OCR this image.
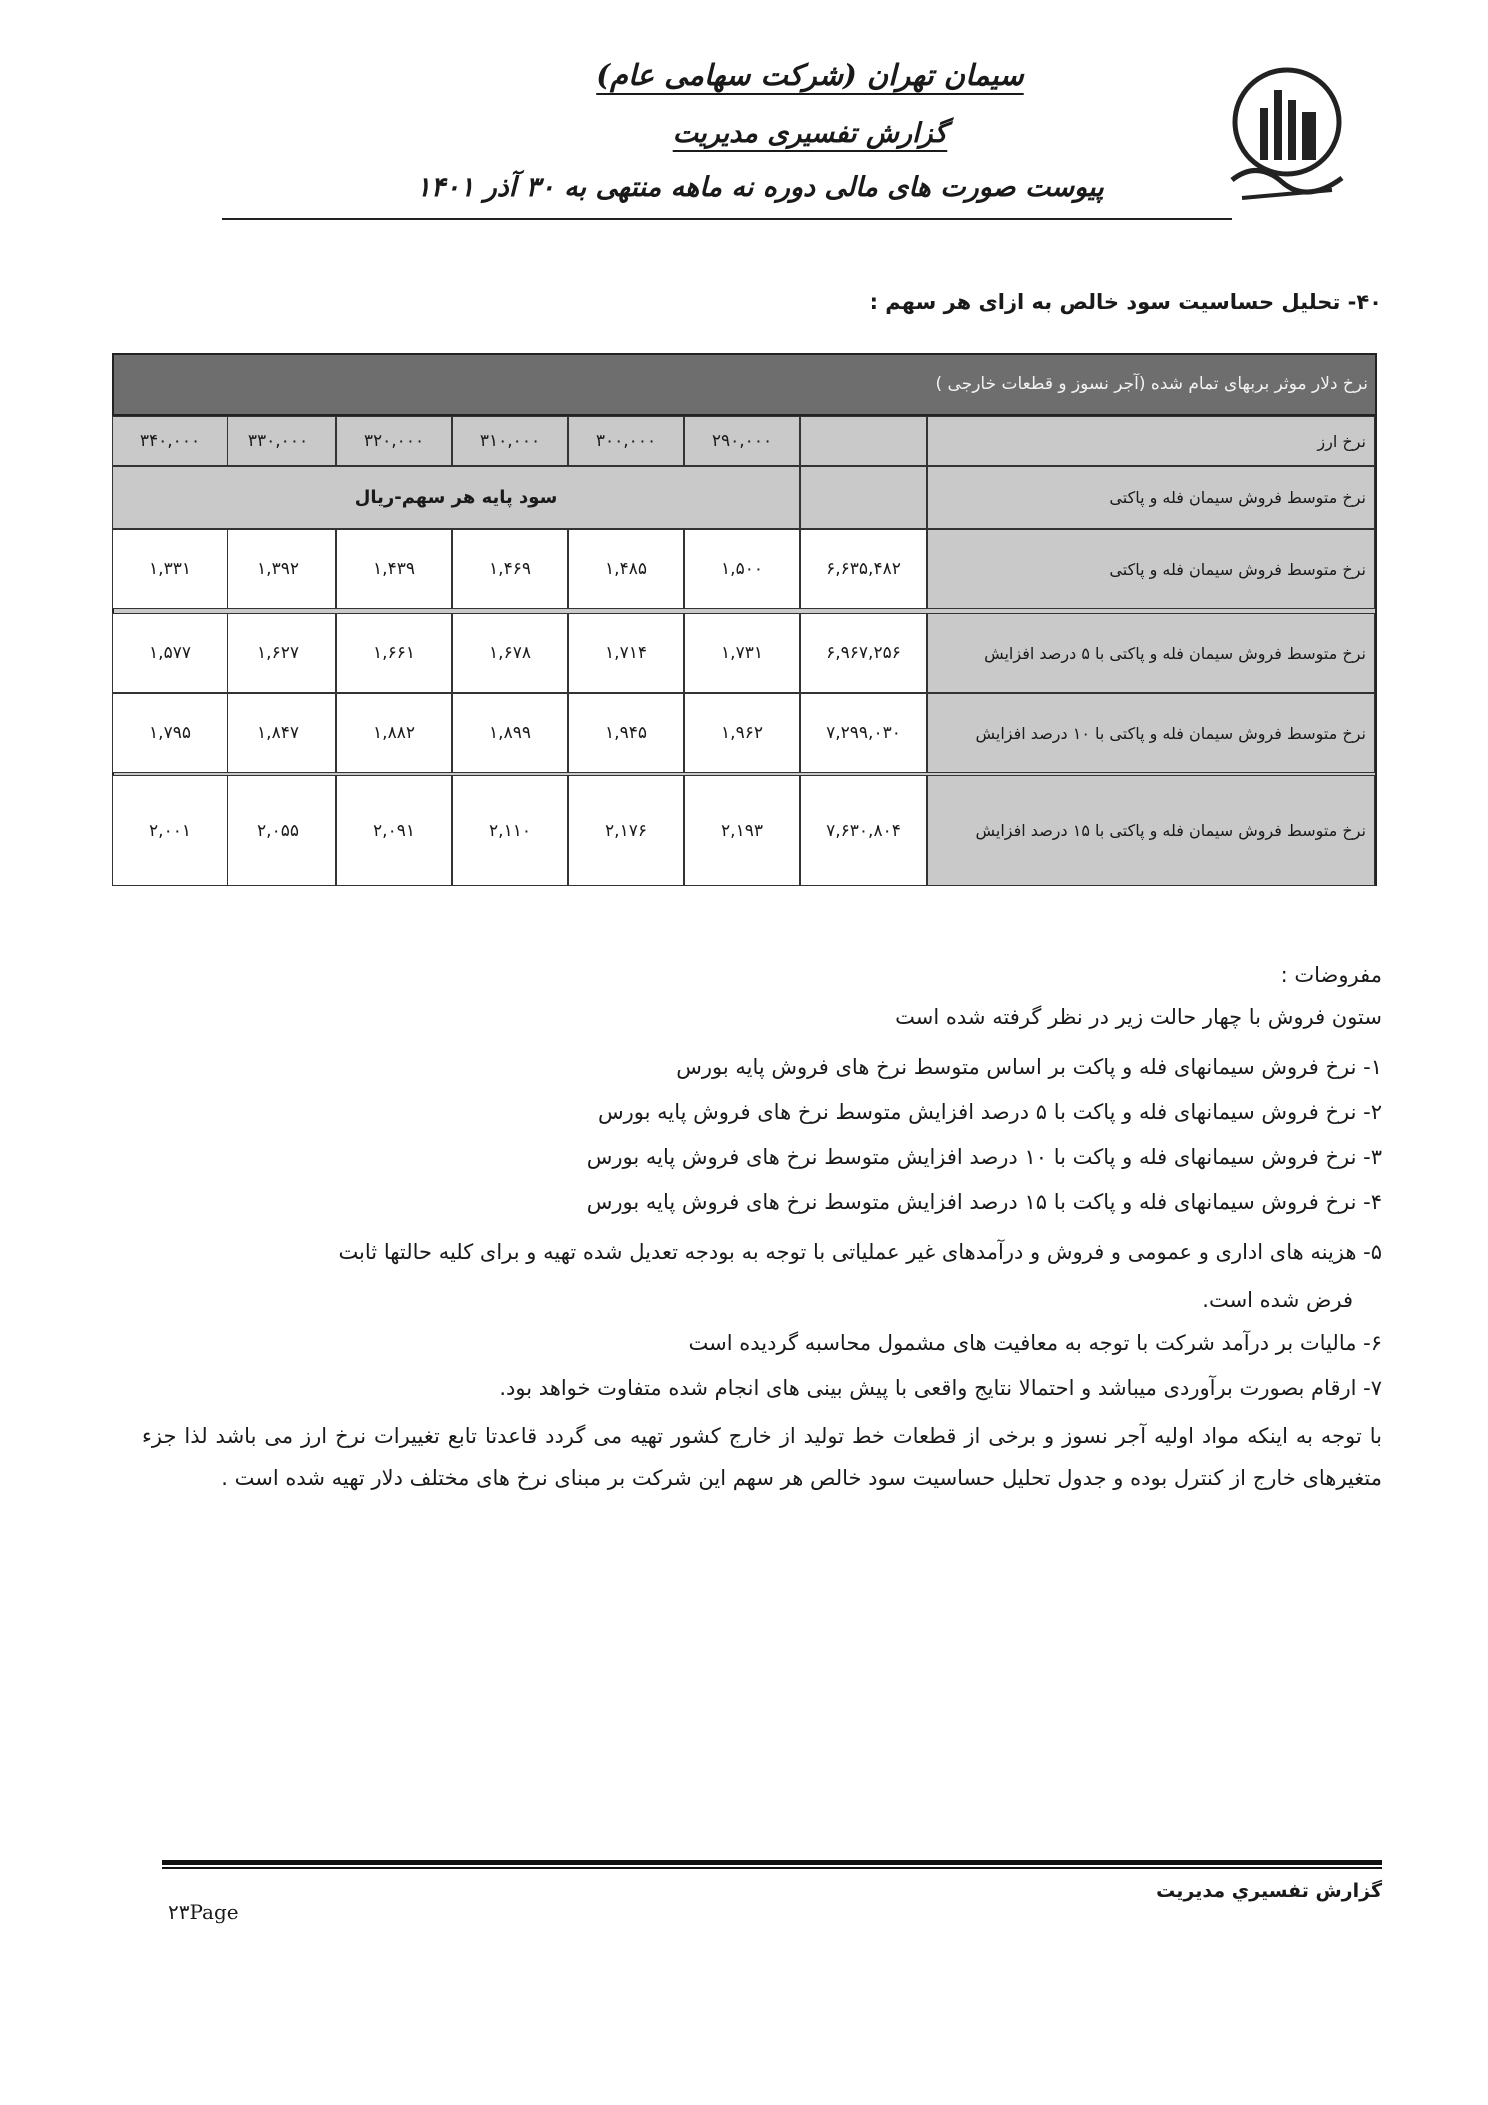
سیمان تهران (شرکت سهامی عام)
گزارش تفسیری مدیریت
پیوست صورت های مالی دوره نه ماهه منتهی به ۳۰ آذر ۱۴۰۱
۴۰- تحلیل حساسیت سود خالص به ازای هر سهم :
نرخ دلار موثر بربهای تمام شده (آجر نسوز و قطعات خارجی )
نرخ ارز
۲۹۰,۰۰۰
۳۰۰,۰۰۰
۳۱۰,۰۰۰
۳۲۰,۰۰۰
۳۳۰,۰۰۰
۳۴۰,۰۰۰
نرخ متوسط فروش سیمان فله و پاکتی
سود پایه هر سهم-ریال
نرخ متوسط فروش سیمان فله و پاکتی
۶,۶۳۵,۴۸۲
۱,۵۰۰
۱,۴۸۵
۱,۴۶۹
۱,۴۳۹
۱,۳۹۲
۱,۳۳۱
نرخ متوسط فروش سیمان فله و پاکتی با ۵ درصد افزایش
۶,۹۶۷,۲۵۶
۱,۷۳۱
۱,۷۱۴
۱,۶۷۸
۱,۶۶۱
۱,۶۲۷
۱,۵۷۷
نرخ متوسط فروش سیمان فله و پاکتی با ۱۰ درصد افزایش
۷,۲۹۹,۰۳۰
۱,۹۶۲
۱,۹۴۵
۱,۸۹۹
۱,۸۸۲
۱,۸۴۷
۱,۷۹۵
نرخ متوسط فروش سیمان فله و پاکتی با ۱۵ درصد افزایش
۷,۶۳۰,۸۰۴
۲,۱۹۳
۲,۱۷۶
۲,۱۱۰
۲,۰۹۱
۲,۰۵۵
۲,۰۰۱
مفروضات :
ستون فروش با چهار حالت زیر در نظر گرفته شده است
۱- نرخ فروش سیمانهای فله و پاکت بر اساس متوسط نرخ های فروش پایه بورس
۲- نرخ فروش سیمانهای فله و پاکت با ۵ درصد افزایش متوسط نرخ های فروش پایه بورس
۳- نرخ فروش سیمانهای فله و پاکت با ۱۰ درصد افزایش متوسط نرخ های فروش پایه بورس
۴- نرخ فروش سیمانهای فله و پاکت با ۱۵ درصد افزایش متوسط نرخ های فروش پایه بورس
۵- هزینه های اداری و عمومی و فروش و درآمدهای غیر عملیاتی با توجه به بودجه تعدیل شده تهیه و برای کلیه حالتها ثابت
فرض شده است.
۶- مالیات بر درآمد شرکت با توجه به معافیت های مشمول محاسبه گردیده است
۷- ارقام بصورت برآوردی میباشد و احتمالا نتایج واقعی با پیش بینی های انجام شده متفاوت خواهد بود.
با توجه به اینکه مواد اولیه آجر نسوز و برخی از قطعات خط تولید از خارج کشور تهیه می گردد قاعدتا تابع تغییرات نرخ ارز می باشد لذا جزء متغیرهای خارج از کنترل بوده و جدول تحلیل حساسیت سود خالص هر سهم این شرکت بر مبنای نرخ های مختلف دلار تهیه شده است .
گزارش تفسيري مديريت
۲۳Page
